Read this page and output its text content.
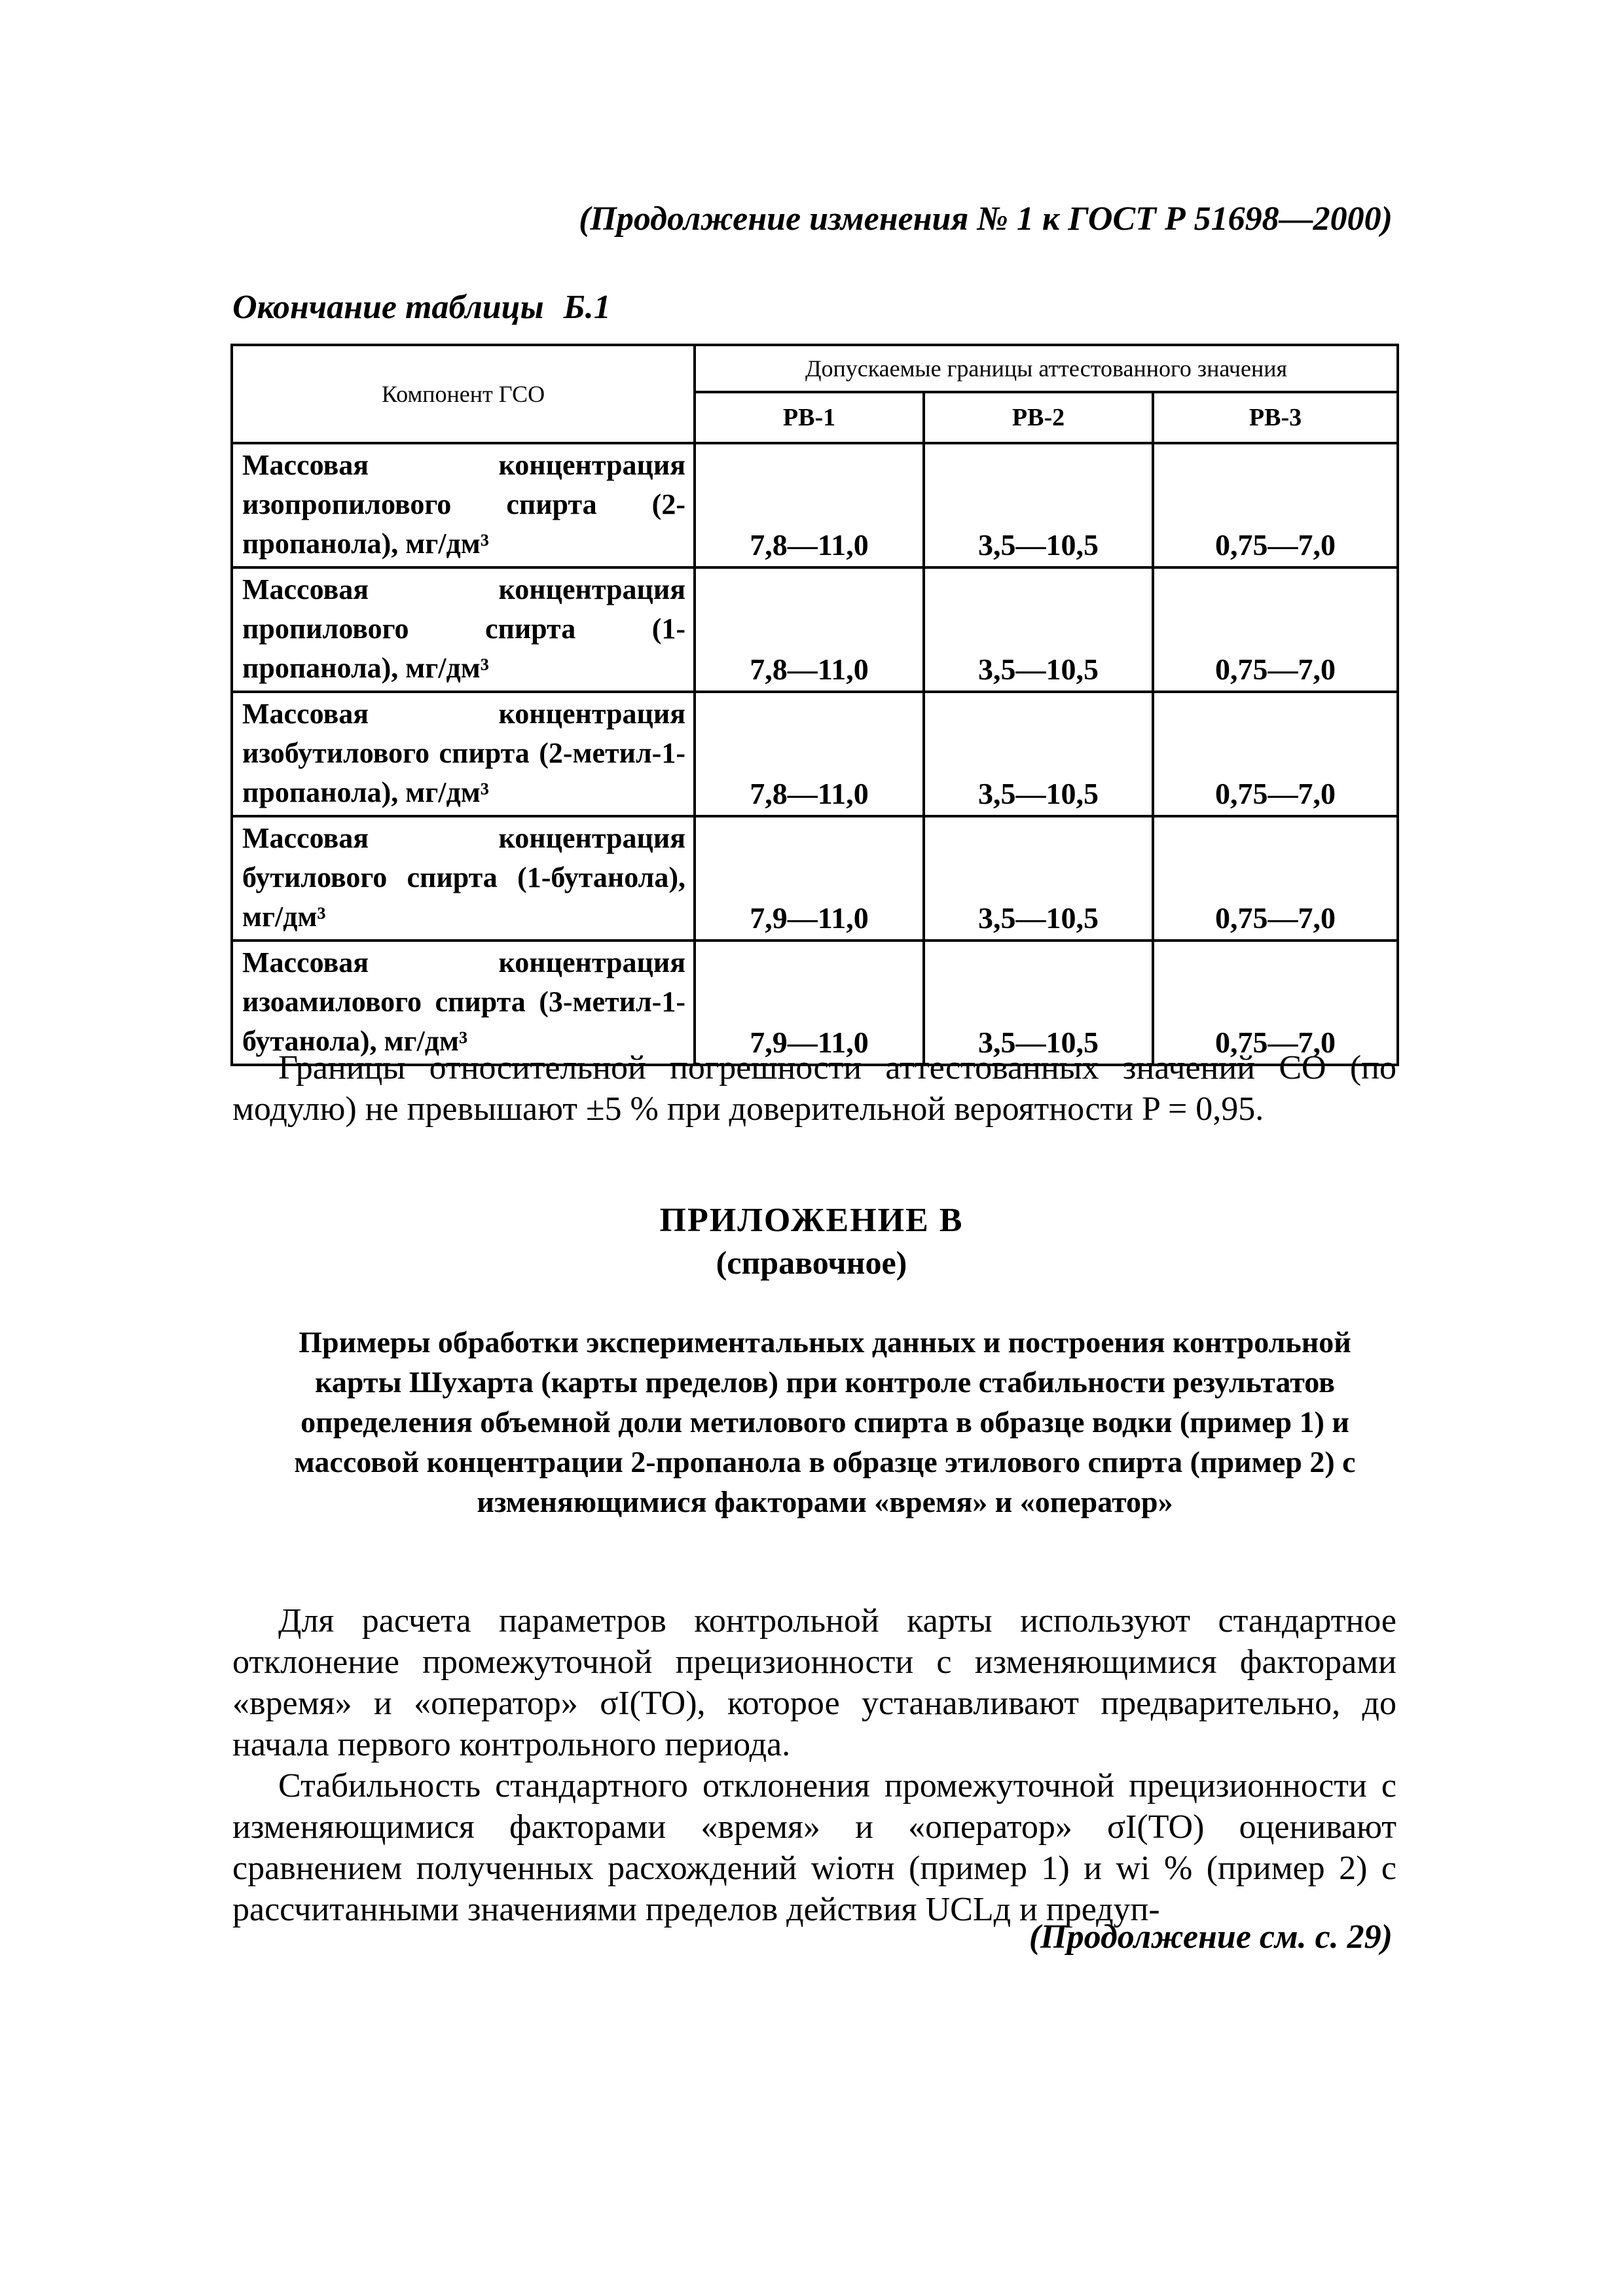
(Продолжение изменения № 1 к ГОСТ Р 51698—2000)
Окончание таблицы Б.1
Компонент ГСО	Допускаемые границы аттестованного значения		
	РВ-1	РВ-2	РВ-3
Массовая концентрация изопропилового спирта (2-пропанола), мг/дм³	7,8—11,0	3,5—10,5	0,75—7,0
Массовая концентрация пропилового спирта (1-пропанола), мг/дм³	7,8—11,0	3,5—10,5	0,75—7,0
Массовая концентрация изобутилового спирта (2-метил-1-пропанола), мг/дм³	7,8—11,0	3,5—10,5	0,75—7,0
Массовая концентрация бутилового спирта (1-бутанола), мг/дм³	7,9—11,0	3,5—10,5	0,75—7,0
Массовая концентрация изоамилового спирта (3-метил-1-бутанола), мг/дм³	7,9—11,0	3,5—10,5	0,75—7,0

Границы относительной погрешности аттестованных значений СО (по модулю) не превышают ±5 % при доверительной вероятности P = 0,95.

ПРИЛОЖЕНИЕ В
(справочное)
Примеры обработки экспериментальных данных и построения контрольной карты Шухарта (карты пределов) при контроле стабильности результатов определения объемной доли метилового спирта в образце водки (пример 1) и массовой концентрации 2-пропанола в образце этилового спирта (пример 2) с изменяющимися факторами «время» и «оператор»

Для расчета параметров контрольной карты используют стандартное отклонение промежуточной прецизионности с изменяющимися факторами «время» и «оператор» σI(TO), которое устанавливают предварительно, до начала первого контрольного периода.

Стабильность стандартного отклонения промежуточной прецизионности с изменяющимися факторами «время» и «оператор» σI(TO) оценивают сравнением полученных расхождений wiотн (пример 1) и wi % (пример 2) с рассчитанными значениями пределов действия UCLд и предуп-

(Продолжение см. с. 29)
